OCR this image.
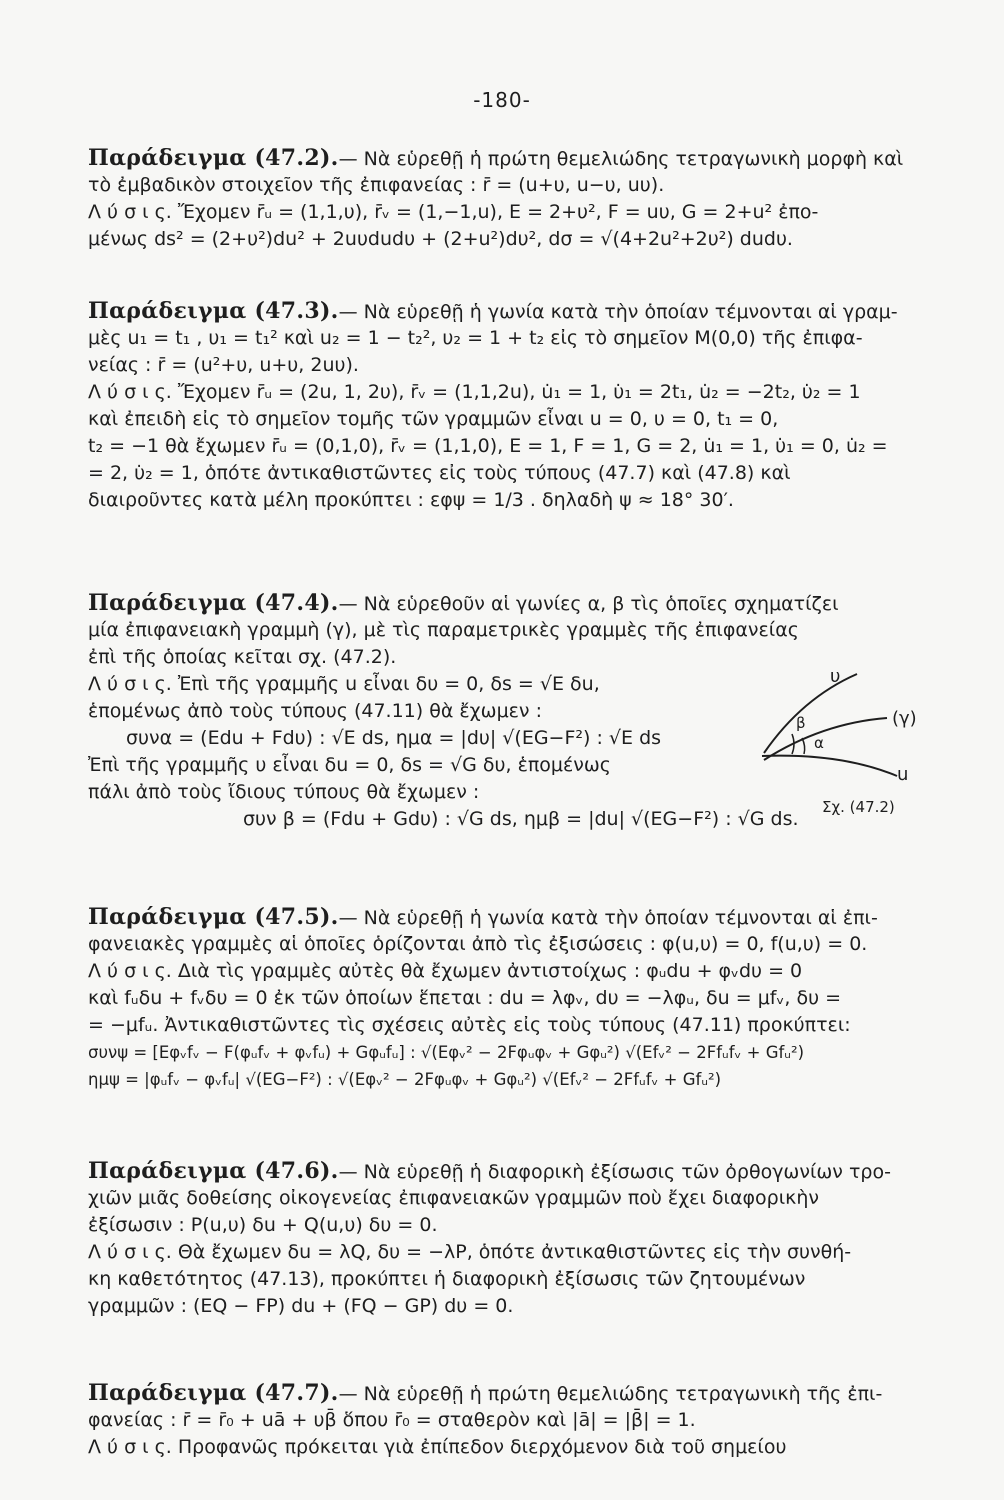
-180-
Παράδειγμα (47.2).— Νὰ εὑρεθῇ ἡ πρώτη θεμελιώδης τετραγωνικὴ μορφὴ καὶ
τὸ ἐμβαδικὸν στοιχεῖον τῆς ἐπιφανείας : r̄ = (u+υ, u−υ, uυ).
Λ ύ σ ι ς. Ἔχομεν r̄ᵤ = (1,1,υ), r̄ᵥ = (1,−1,u), E = 2+υ², F = uυ, G = 2+u² ἐπο-
μένως ds² = (2+υ²)du² + 2uυdudυ + (2+u²)dυ², dσ = √(4+2u²+2υ²) dudυ.
Παράδειγμα (47.3).— Νὰ εὑρεθῇ ἡ γωνία κατὰ τὴν ὁποίαν τέμνονται αἱ γραμ-
μὲς u₁ = t₁ , υ₁ = t₁² καὶ u₂ = 1 − t₂², υ₂ = 1 + t₂ εἰς τὸ σημεῖον M(0,0) τῆς ἐπιφα-
νείας : r̄ = (u²+υ, u+υ, 2uυ).
Λ ύ σ ι ς. Ἔχομεν r̄ᵤ = (2u, 1, 2υ), r̄ᵥ = (1,1,2u), u̇₁ = 1, υ̇₁ = 2t₁, u̇₂ = −2t₂, υ̇₂ = 1
καὶ ἐπειδὴ εἰς τὸ σημεῖον τομῆς τῶν γραμμῶν εἶναι u = 0, υ = 0, t₁ = 0,
t₂ = −1 θὰ ἔχωμεν r̄ᵤ = (0,1,0), r̄ᵥ = (1,1,0), E = 1, F = 1, G = 2, u̇₁ = 1, υ̇₁ = 0, u̇₂ =
= 2, υ̇₂ = 1, ὁπότε ἀντικαθιστῶντες εἰς τοὺς τύπους (47.7) καὶ (47.8) καὶ
διαιροῦντες κατὰ μέλη προκύπτει : εφψ = 1/3 . δηλαδὴ ψ ≈ 18° 30′.
Παράδειγμα (47.4).— Νὰ εὑρεθοῦν αἱ γωνίες α, β τὶς ὁποῖες σχηματίζει
μία ἐπιφανειακὴ γραμμὴ (γ), μὲ τὶς παραμετρικὲς γραμμὲς τῆς ἐπιφανείας
ἐπὶ τῆς ὁποίας κεῖται σχ. (47.2).
Λ ύ σ ι ς. Ἐπὶ τῆς γραμμῆς u εἶναι δυ = 0, δs = √E δu,
ἑπομένως ἀπὸ τοὺς τύπους (47.11) θὰ ἔχωμεν :
συνα = (Edu + Fdυ) : √E ds, ημα = |dυ| √(EG−F²) : √E ds
Ἐπὶ τῆς γραμμῆς υ εἶναι δu = 0, δs = √G δυ, ἑπομένως
πάλι ἀπὸ τοὺς ἴδιους τύπους θὰ ἔχωμεν :
συν β = (Fdu + Gdυ) : √G ds, ημβ = |du| √(EG−F²) : √G ds.
υ
(γ)
β
α
u
Σχ. (47.2)
Παράδειγμα (47.5).— Νὰ εὑρεθῇ ἡ γωνία κατὰ τὴν ὁποίαν τέμνονται αἱ ἐπι-
φανειακὲς γραμμὲς αἱ ὁποῖες ὁρίζονται ἀπὸ τὶς ἐξισώσεις : φ(u,υ) = 0, f(u,υ) = 0.
Λ ύ σ ι ς. Διὰ τὶς γραμμὲς αὐτὲς θὰ ἔχωμεν ἀντιστοίχως : φᵤdu + φᵥdυ = 0
καὶ fᵤδu + fᵥδυ = 0 ἐκ τῶν ὁποίων ἕπεται : du = λφᵥ, dυ = −λφᵤ, δu = μfᵥ, δυ =
= −μfᵤ. Ἀντικαθιστῶντες τὶς σχέσεις αὐτὲς εἰς τοὺς τύπους (47.11) προκύπτει:
συνψ = [Eφᵥfᵥ − F(φᵤfᵥ + φᵥfᵤ) + Gφᵤfᵤ] : √(Eφᵥ² − 2Fφᵤφᵥ + Gφᵤ²) √(Efᵥ² − 2Ffᵤfᵥ + Gfᵤ²)
ημψ = |φᵤfᵥ − φᵥfᵤ| √(EG−F²) : √(Eφᵥ² − 2Fφᵤφᵥ + Gφᵤ²) √(Efᵥ² − 2Ffᵤfᵥ + Gfᵤ²)
Παράδειγμα (47.6).— Νὰ εὑρεθῇ ἡ διαφορικὴ ἐξίσωσις τῶν ὀρθογωνίων τρο-
χιῶν μιᾶς δοθείσης οἰκογενείας ἐπιφανειακῶν γραμμῶν ποὺ ἔχει διαφορικὴν
ἐξίσωσιν : P(u,υ) δu + Q(u,υ) δυ = 0.
Λ ύ σ ι ς. Θὰ ἔχωμεν δu = λQ, δυ = −λP, ὁπότε ἀντικαθιστῶντες εἰς τὴν συνθή-
κη καθετότητος (47.13), προκύπτει ἡ διαφορικὴ ἐξίσωσις τῶν ζητουμένων
γραμμῶν : (EQ − FP) du + (FQ − GP) dυ = 0.
Παράδειγμα (47.7).— Νὰ εὑρεθῇ ἡ πρώτη θεμελιώδης τετραγωνικὴ τῆς ἐπι-
φανείας : r̄ = r̄₀ + uā + υβ̄ ὅπου r̄₀ = σταθερὸν καὶ |ā| = |β̄| = 1.
Λ ύ σ ι ς. Προφανῶς πρόκειται γιὰ ἐπίπεδον διερχόμενον διὰ τοῦ σημείου
